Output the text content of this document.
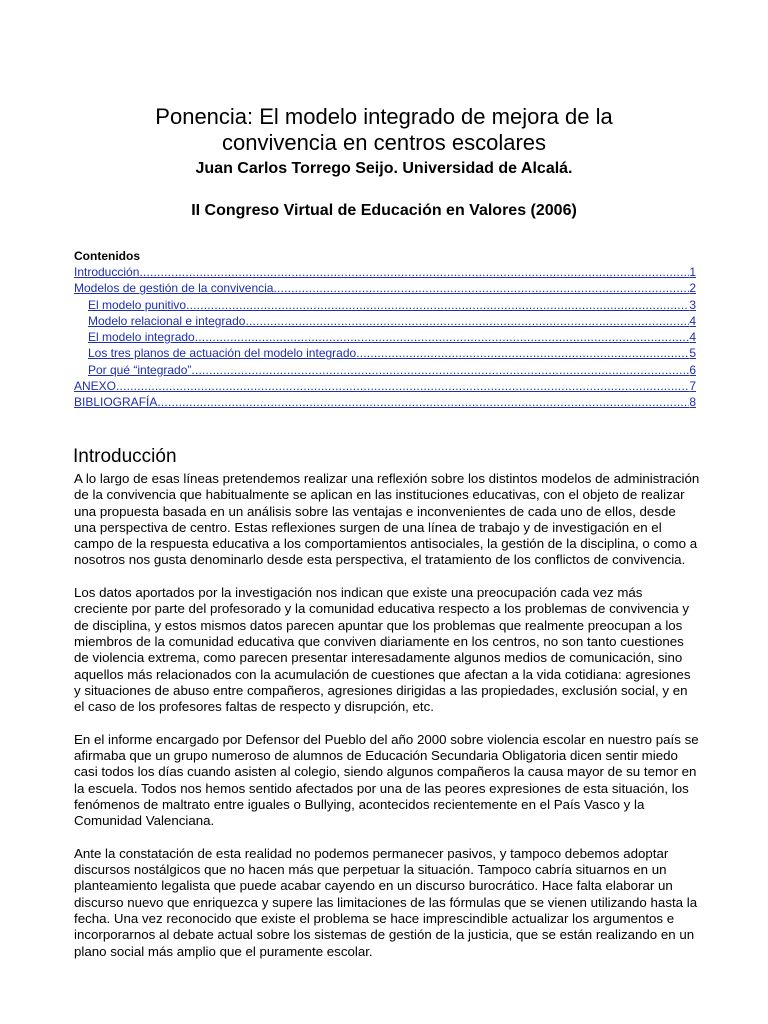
Ponencia: El modelo integrado de mejora de la
convivencia en centros escolares

Juan Carlos Torrego Seijo. Universidad de Alcalá.

II Congreso Virtual de Educación en Valores (2006)

Contenidos

Introducción .....	1
Modelos de gestión de la convivencia .....	2
El modelo punitivo .....	3
Modelo relacional e integrado .....	4
El modelo integrado .....	4
Los tres planos de actuación del modelo integrado .....	5
Por qué “integrado” .....	6
ANEXO .....	7
BIBLIOGRAFÍA .....	8
Introducción

A lo largo de esas líneas pretendemos realizar una reflexión sobre los distintos modelos de administración de la convivencia que habitualmente se aplican en las instituciones educativas, con el objeto de realizar una propuesta basada en un análisis sobre las ventajas e inconvenientes de cada uno de ellos, desde una perspectiva de centro. Estas reflexiones surgen de una línea de trabajo y de investigación en el campo de la respuesta educativa a los comportamientos antisociales, la gestión de la disciplina, o como a nosotros nos gusta denominarlo desde esta perspectiva, el tratamiento de los conflictos de convivencia.

Los datos aportados por la investigación nos indican que existe una preocupación cada vez más creciente por parte del profesorado y la comunidad educativa respecto a los problemas de convivencia y de disciplina, y estos mismos datos parecen apuntar que los problemas que realmente preocupan a los miembros de la comunidad educativa que conviven diariamente en los centros, no son tanto cuestiones de violencia extrema, como parecen presentar interesadamente algunos medios de comunicación, sino aquellos más relacionados con la acumulación de cuestiones que afectan a la vida cotidiana: agresiones y situaciones de abuso entre compañeros, agresiones dirigidas a las propiedades, exclusión social, y en el caso de los profesores faltas de respecto y disrupción, etc.

En el informe encargado por Defensor del Pueblo del año 2000 sobre violencia escolar en nuestro país se afirmaba que un grupo numeroso de alumnos de Educación Secundaria Obligatoria dicen sentir miedo casi todos los días cuando asisten al colegio, siendo algunos compañeros la causa mayor de su temor en la escuela. Todos nos hemos sentido afectados por una de las peores expresiones de esta situación, los fenómenos de maltrato entre iguales o Bullying, acontecidos recientemente en el País Vasco y la Comunidad Valenciana.

Ante la constatación de esta realidad no podemos permanecer pasivos, y tampoco debemos adoptar discursos nostálgicos que no hacen más que perpetuar la situación. Tampoco cabría situarnos en un planteamiento legalista que puede acabar cayendo en un discurso burocrático. Hace falta elaborar un discurso nuevo que enriquezca y supere las limitaciones de las fórmulas que se vienen utilizando hasta la fecha. Una vez reconocido que existe el problema se hace imprescindible actualizar los argumentos e incorporarnos al debate actual sobre los sistemas de gestión de la justicia, que se están realizando en un plano social más amplio que el puramente escolar.
